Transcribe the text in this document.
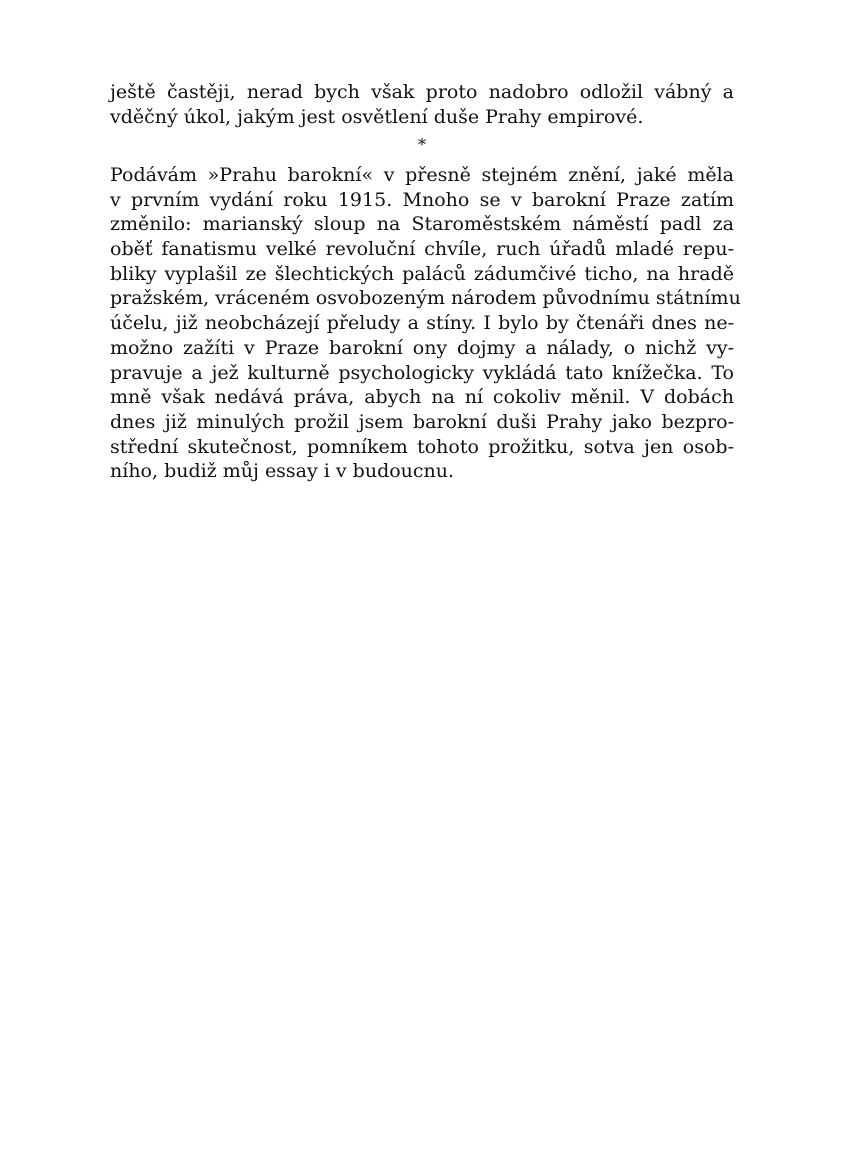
ještě častěji, nerad bych však proto nadobro odložil vábný a
vděčný úkol, jakým jest osvětlení duše Prahy empirové.
*
Podávám »Prahu barokní« v přesně stejném znění, jaké měla
v prvním vydání roku 1915. Mnoho se v barokní Praze zatím
změnilo: marianský sloup na Staroměstském náměstí padl za
oběť fanatismu velké revoluční chvíle, ruch úřadů mladé repu-
bliky vyplašil ze šlechtických paláců zádumčivé ticho, na hradě
pražském, vráceném osvobozeným národem původnímu státnímu
účelu, již neobcházejí přeludy a stíny. I bylo by čtenáři dnes ne-
možno zažíti v Praze barokní ony dojmy a nálady, o nichž vy-
pravuje a jež kulturně psychologicky vykládá tato knížečka. To
mně však nedává práva, abych na ní cokoliv měnil. V dobách
dnes již minulých prožil jsem barokní duši Prahy jako bezpro-
střední skutečnost, pomníkem tohoto prožitku, sotva jen osob-
ního, budiž můj essay i v budoucnu.
